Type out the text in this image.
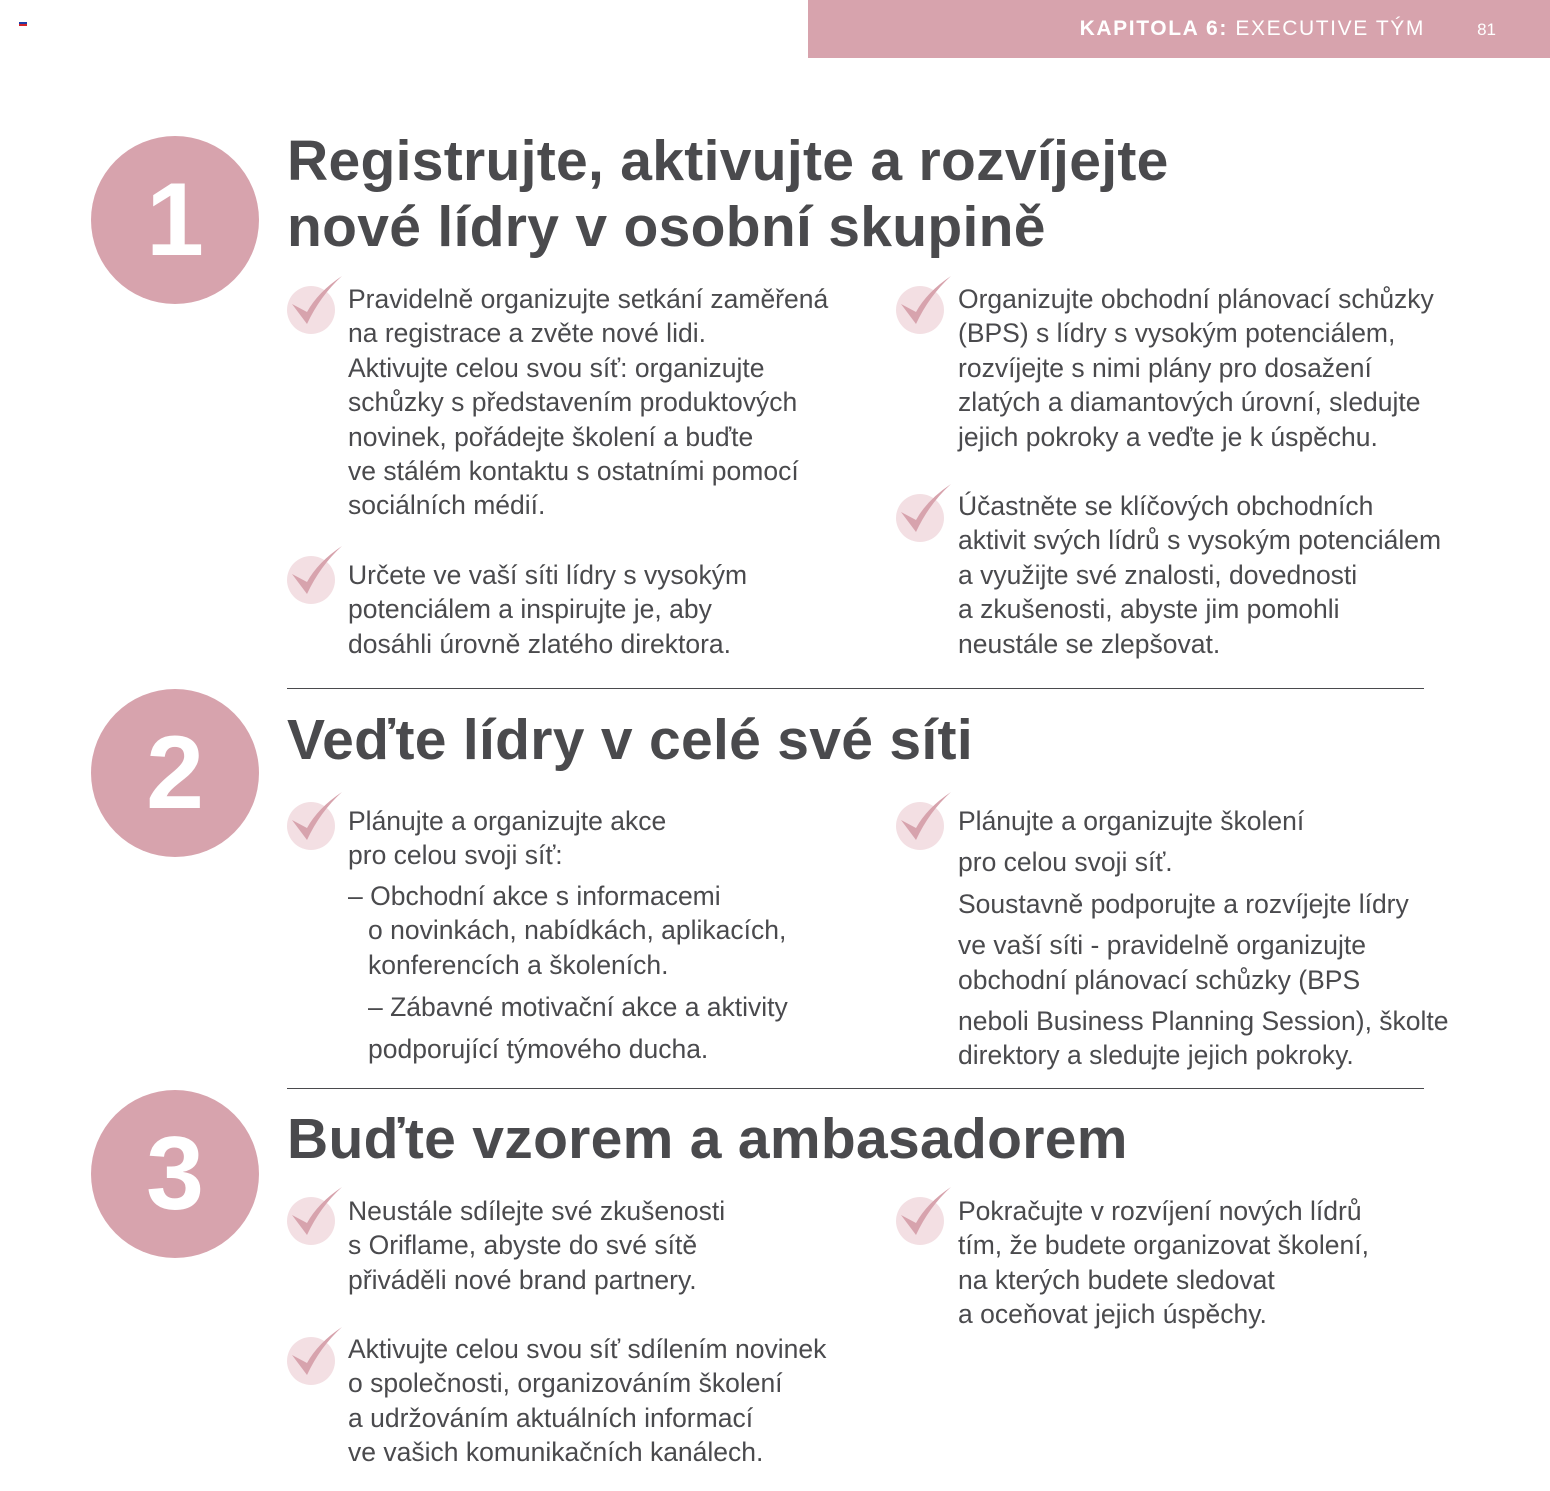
KAPITOLA 6: EXECUTIVE TÝM	81
1
Registrujte, aktivujte a rozvíjejte
nové lídry v osobní skupině

Pravidelně organizujte setkání zaměřená
na registrace a zvěte nové lidi.
Aktivujte celou svou síť: organizujte
schůzky s představením produktových
novinek, pořádejte školení a buďte
ve stálém kontaktu s ostatními pomocí
sociálních médií.

Určete ve vaší síti lídry s vysokým
potenciálem a inspirujte je, aby
dosáhli úrovně zlatého direktora.

Organizujte obchodní plánovací schůzky
(BPS) s lídry s vysokým potenciálem,
rozvíjejte s nimi plány pro dosažení
zlatých a diamantových úrovní, sledujte
jejich pokroky a veďte je k úspěchu.

Účastněte se klíčových obchodních
aktivit svých lídrů s vysokým potenciálem
a využijte své znalosti, dovednosti
a zkušenosti, abyste jim pomohli
neustále se zlepšovat.

2	Veďte lídry v celé své síti

Plánujte a organizujte akce
pro celou svoji síť:
– Obchodní akce s informacemi
o novinkách, nabídkách, aplikacích,
konferencích a školeních.
– Zábavné motivační akce a aktivity
podporující týmového ducha.

Plánujte a organizujte školení
pro celou svoji síť.
Soustavně podporujte a rozvíjejte lídry
ve vaší síti - pravidelně organizujte
obchodní plánovací schůzky (BPS
neboli Business Planning Session), školte
direktory a sledujte jejich pokroky.

3	Buďte vzorem a ambasadorem

Neustále sdílejte své zkušenosti
s Oriflame, abyste do své sítě
přiváděli nové brand partnery.

Aktivujte celou svou síť sdílením novinek
o společnosti, organizováním školení
a udržováním aktuálních informací
ve vašich komunikačních kanálech.

Pokračujte v rozvíjení nových lídrů
tím, že budete organizovat školení,
na kterých budete sledovat
a oceňovat jejich úspěchy.
